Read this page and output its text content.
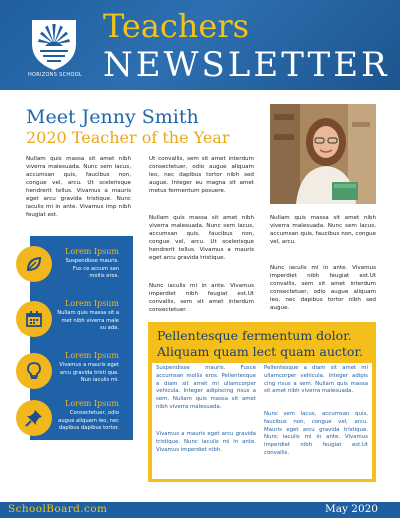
HORIZONS SCHOOL
Teachers
NEWSLETTER
Meet Jenny Smith
2020 Teacher of the Year
Nullam quis massa sit amet nibh viverra malesuada. Nunc sem lacus, accumsan quis, faucibus non, congue vel, arcu. Ut scelerisque hendrerit tellus. Vivamus a mauris eget arcu gravida tristique. Nunc iaculis mi in ante. Vivamus imp nibh feugiat est.
Ut convallis, sem sit amet interdum consectetuer, odio augue aliquam leo, nec dapibus tortor nibh sed augue. Integer eu magna sit amet metus fermentum posuere.
Nullam quis massa sit amet nibh viverra malesuada. Nunc sem lacus, accumsan quis, faucibus non, congue vel, arcu. Ut scelerisque hendrerit tellus. Vivamus a mauris eget arcu gravida tristique.
Nunc iaculis mi in ante. Vivamus imperdiet nibh feugiat est.Ut convallis, sem sit amet interdum consectetuer.
Nullam quis massa sit amet nibh viverra malesuada. Nunc sem lacus, accumsan quis, faucibus non, congue vel, arcu.
Nunc iaculis mi in ante. Vivamus imperdiet nibh feugiat est.Ut convallis, sem sit amet interdum consectetuer, odio augue aliquam leo, nec dapibus tortor nibh sed augue.
Lorem Ipsum
Suspendisse mauris. Fus ce accum san mollis eros.
Lorem Ipsum
Nullam quis massa sit a met nibh viverra male su ada.
Lorem Ipsum
Vivamus a mauris eget arcu gravida tristi que. Nun iaculis mi.
Lorem Ipsum
Consectetuer, odio augue aliquam leo, nec dapibus dapibus tortor.
Pellentesque fermentum dolor. Aliquam quam lect quam auctor.
Suspendisse mauris. Fusce accumsan mollis eros. Pellentesque a diam sit amet mi ullamcorper vehicula. Integer adipiscing risus a sem. Nullam quis massa sit amet nibh viverra malesuada.
Vivamus a mauris eget arcu gravida tristique. Nunc iaculis mi in ante. Vivamus imperdiet nibh.
Pellentesque a diam sit amet mi ullamcorper vehicula. Integer adipis cing risus a sem. Nullam quis massa sit amet nibh viverra malesuada.
Nunc sem lacus, accumsan quis, faucibus non, congue vel, arcu. Mauris eget arcu gravida tristique. Nunc iaculis mi in ante. Vivamus imperdiet nibh feugiat est.Ut convallis.
SchoolBoard.com	May 2020
